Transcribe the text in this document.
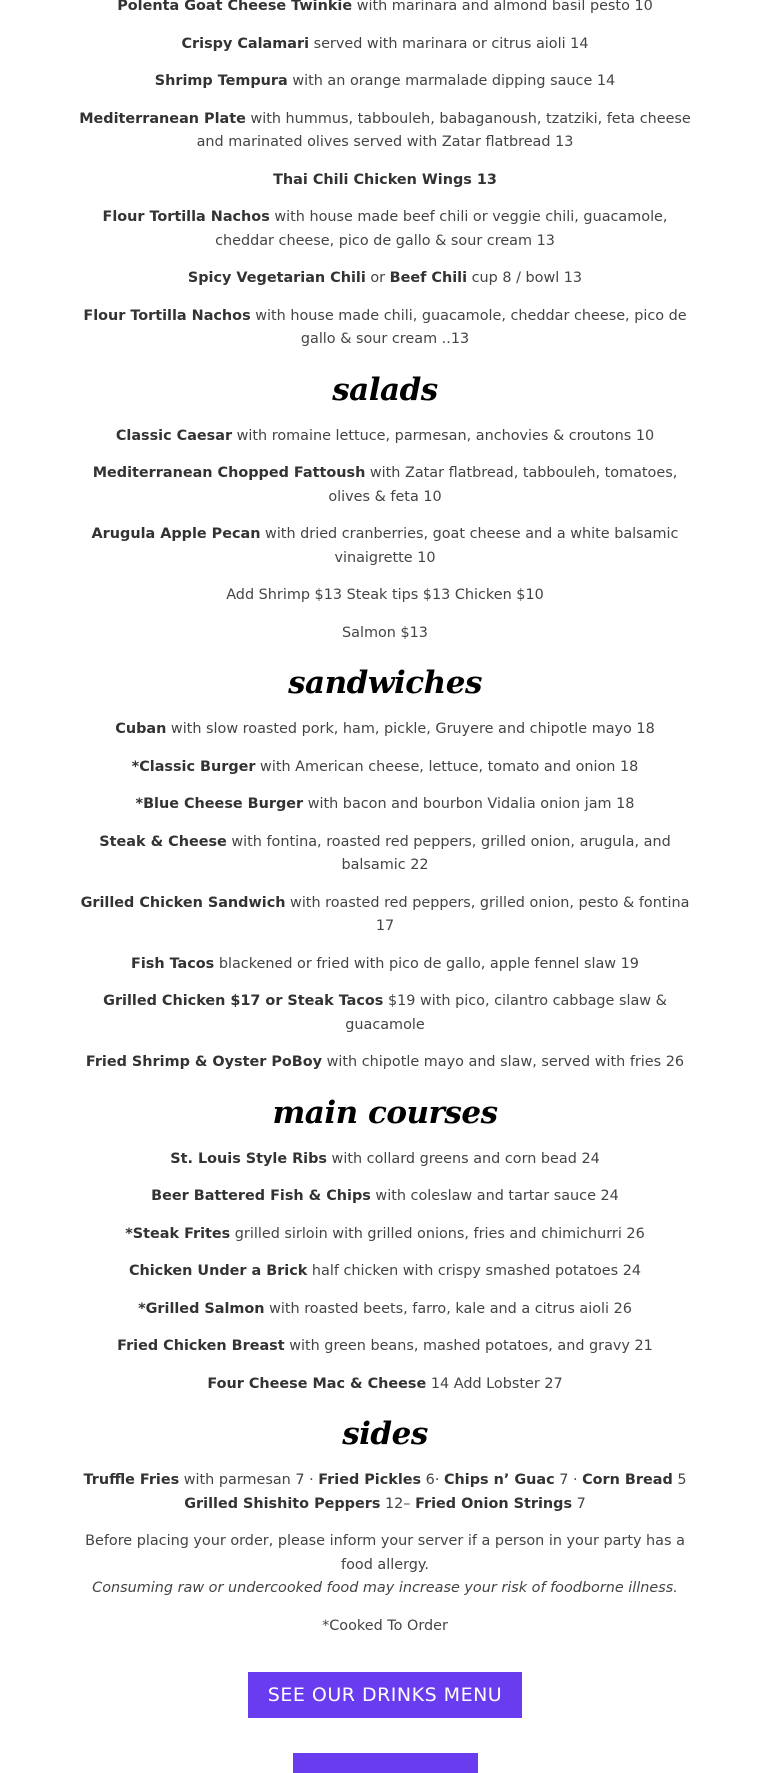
Polenta Goat Cheese Twinkie with marinara and almond basil pesto 10

Crispy Calamari served with marinara or citrus aioli 14

Shrimp Tempura with an orange marmalade dipping sauce 14

Mediterranean Plate with hummus, tabbouleh, babaganoush, tzatziki, feta cheese and marinated olives served with Zatar flatbread 13

Thai Chili Chicken Wings 13

Flour Tortilla Nachos with house made beef chili or veggie chili, guacamole, cheddar cheese, pico de gallo & sour cream 13

Spicy Vegetarian Chili or Beef Chili cup 8 / bowl 13

Flour Tortilla Nachos with house made chili, guacamole, cheddar cheese, pico de gallo & sour cream ..13

salads

Classic Caesar with romaine lettuce, parmesan, anchovies & croutons 10

Mediterranean Chopped Fattoush with Zatar flatbread, tabbouleh, tomatoes, olives & feta 10

Arugula Apple Pecan with dried cranberries, goat cheese and a white balsamic vinaigrette 10

Add Shrimp $13 Steak tips $13 Chicken $10

Salmon $13

sandwiches

Cuban with slow roasted pork, ham, pickle, Gruyere and chipotle mayo 18

*Classic Burger with American cheese, lettuce, tomato and onion 18

*Blue Cheese Burger with bacon and bourbon Vidalia onion jam 18

Steak & Cheese with fontina, roasted red peppers, grilled onion, arugula, and balsamic 22

Grilled Chicken Sandwich with roasted red peppers, grilled onion, pesto & fontina 17

Fish Tacos blackened or fried with pico de gallo, apple fennel slaw 19

Grilled Chicken $17 or Steak Tacos $19 with pico, cilantro cabbage slaw & guacamole

Fried Shrimp & Oyster PoBoy with chipotle mayo and slaw, served with fries 26

main courses

St. Louis Style Ribs with collard greens and corn bead 24

Beer Battered Fish & Chips with coleslaw and tartar sauce 24

*Steak Frites grilled sirloin with grilled onions, fries and chimichurri 26

Chicken Under a Brick half chicken with crispy smashed potatoes 24

*Grilled Salmon with roasted beets, farro, kale and a citrus aioli 26

Fried Chicken Breast with green beans, mashed potatoes, and gravy 21

Four Cheese Mac & Cheese 14 Add Lobster 27

sides

Truffle Fries with parmesan 7 · Fried Pickles 6· Chips n’ Guac 7 · Corn Bread 5
Grilled Shishito Peppers 12– Fried Onion Strings 7

Before placing your order, please inform your server if a person in your party has a food allergy.
Consuming raw or undercooked food may increase your risk of foodborne illness.

*Cooked To Order

SEE OUR DRINKS MENU
